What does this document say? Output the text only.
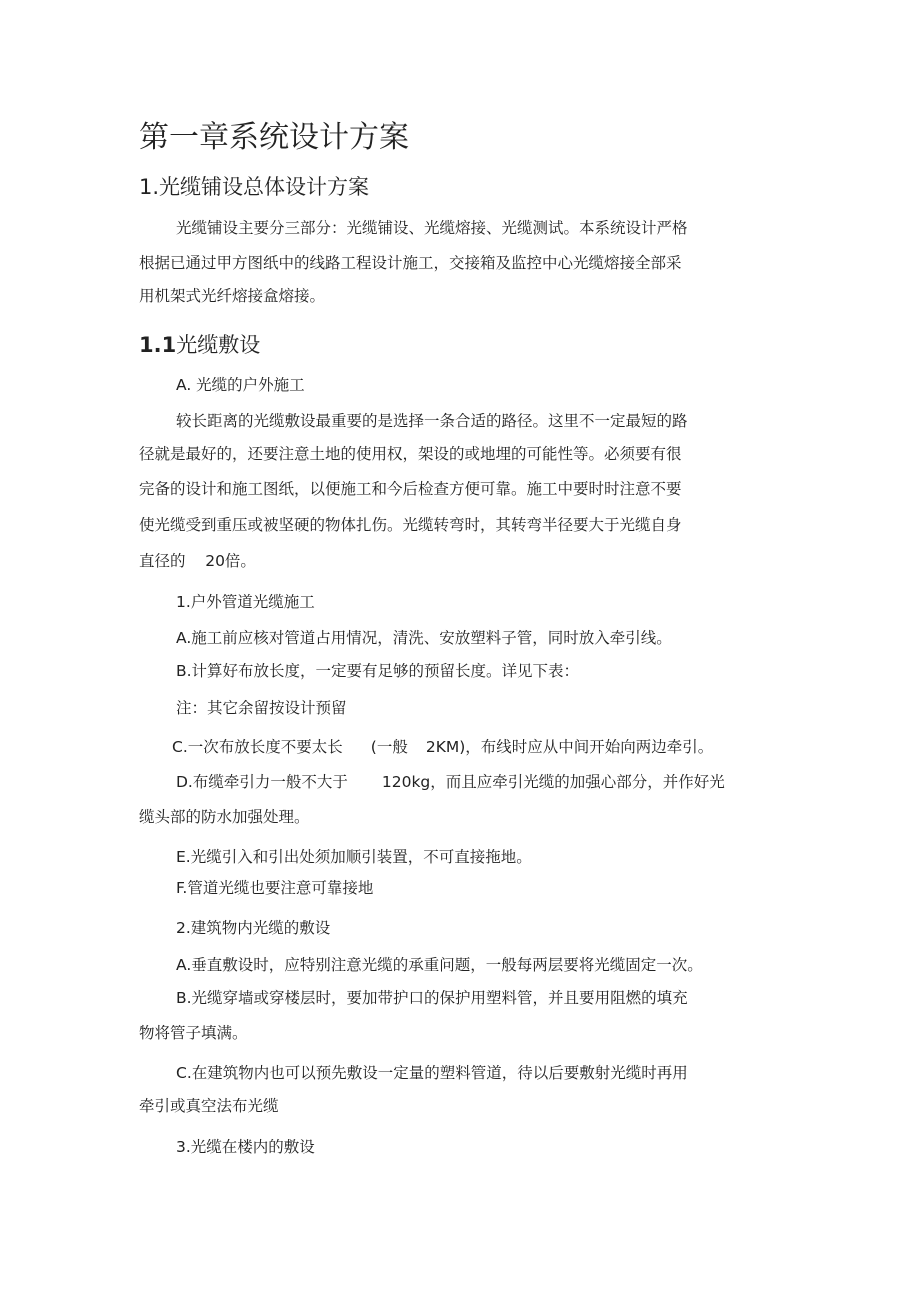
第一章系统设计方案
1.光缆铺设总体设计方案
光缆铺设主要分三部分：光缆铺设、光缆熔接、光缆测试。本系统设计严格
根据已通过甲方图纸中的线路工程设计施工，交接箱及监控中心光缆熔接全部采
用机架式光纤熔接盒熔接。
1.1光缆敷设
A. 光缆的户外施工
较长距离的光缆敷设最重要的是选择一条合适的路径。这里不一定最短的路
径就是最好的，还要注意土地的使用权，架设的或地埋的可能性等。必须要有很
完备的设计和施工图纸，以便施工和今后检查方便可靠。施工中要时时注意不要
使光缆受到重压或被坚硬的物体扎伤。光缆转弯时，其转弯半径要大于光缆自身
直径的    20倍。
1.户外管道光缆施工
A.施工前应核对管道占用情况，清洗、安放塑料子管，同时放入牵引线。
B.计算好布放长度，一定要有足够的预留长度。详见下表：
注：其它余留按设计预留
C.一次布放长度不要太长 (一般 2KM)，布线时应从中间开始向两边牵引。
D.布缆牵引力一般不大于 120kg，而且应牵引光缆的加强心部分，并作好光
缆头部的防水加强处理。
E.光缆引入和引出处须加顺引装置，不可直接拖地。
F.管道光缆也要注意可靠接地
2.建筑物内光缆的敷设
A.垂直敷设时，应特别注意光缆的承重问题，一般每两层要将光缆固定一次。
B.光缆穿墙或穿楼层时，要加带护口的保护用塑料管，并且要用阻燃的填充
物将管子填满。
C.在建筑物内也可以预先敷设一定量的塑料管道，待以后要敷射光缆时再用
牵引或真空法布光缆
3.光缆在楼内的敷设
